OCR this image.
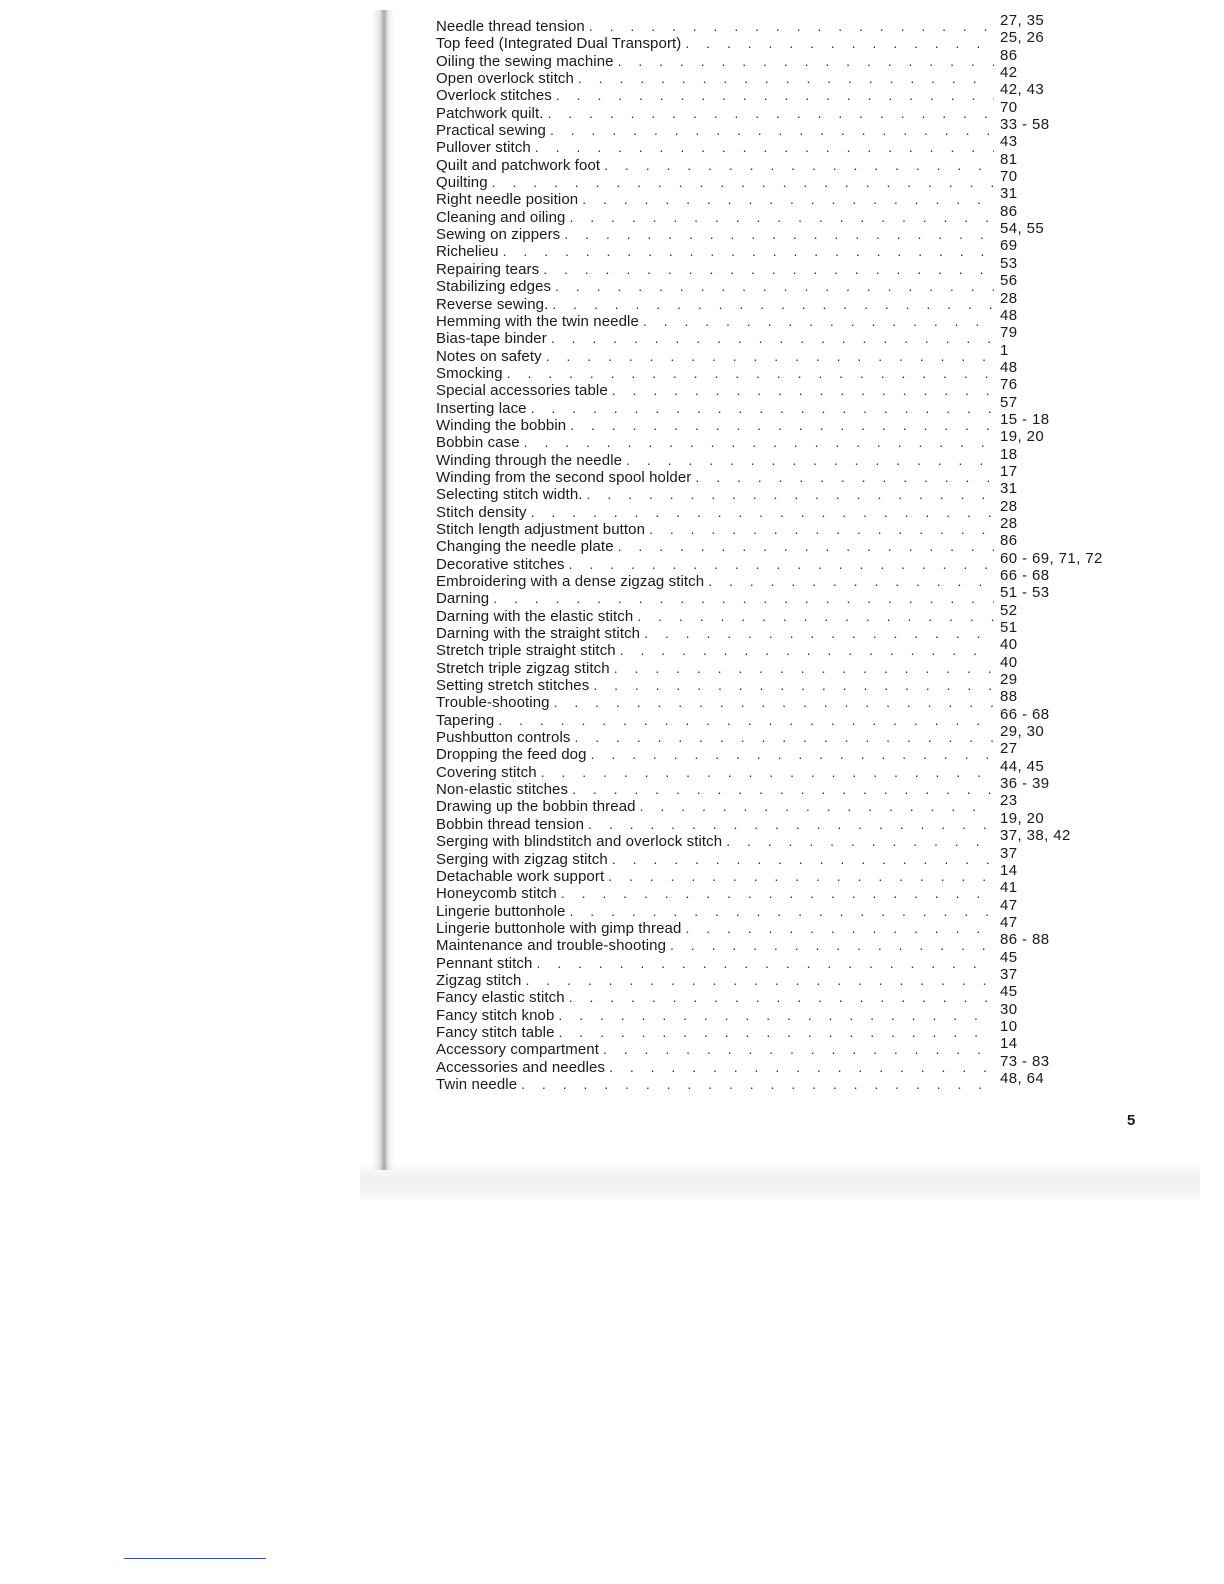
Needle thread tension . . .	27, 35
Top feed (Integrated Dual Transport) . . .	25, 26
Oiling the sewing machine . . .	86
Open overlock stitch . . .	42
Overlock stitches . . .	42, 43
Patchwork quilt. . . .	70
Practical sewing . . .	33 - 58
Pullover stitch . . .	43
Quilt and patchwork foot . . .	81
Quilting . . .	70
Right needle position . . .	31
Cleaning and oiling . . .	86
Sewing on zippers . . .	54, 55
Richelieu . . .	69
Repairing tears . . .	53
Stabilizing edges . . .	56
Reverse sewing. . . .	28
Hemming with the twin needle . . .	48
Bias-tape binder . . .	79
Notes on safety . . .	1
Smocking . . .	48
Special accessories table . . .	76
Inserting lace . . .	57
Winding the bobbin . . .	15 - 18
Bobbin case . . .	19, 20
Winding through the needle . . .	18
Winding from the second spool holder . . .	17
Selecting stitch width. . . .	31
Stitch density . . .	28
Stitch length adjustment button . . .	28
Changing the needle plate . . .	86
Decorative stitches . . .	60 - 69, 71, 72
Embroidering with a dense zigzag stitch . . .	66 - 68
Darning . . .	51 - 53
Darning with the elastic stitch . . .	52
Darning with the straight stitch . . .	51
Stretch triple straight stitch . . .	40
Stretch triple zigzag stitch . . .	40
Setting stretch stitches . . .	29
Trouble-shooting . . .	88
Tapering . . .	66 - 68
Pushbutton controls . . .	29, 30
Dropping the feed dog . . .	27
Covering stitch . . .	44, 45
Non-elastic stitches . . .	36 - 39
Drawing up the bobbin thread . . .	23
Bobbin thread tension . . .	19, 20
Serging with blindstitch and overlock stitch . . .	37, 38, 42
Serging with zigzag stitch . . .	37
Detachable work support . . .	14
Honeycomb stitch . . .	41
Lingerie buttonhole . . .	47
Lingerie buttonhole with gimp thread . . .	47
Maintenance and trouble-shooting . . .	86 - 88
Pennant stitch . . .	45
Zigzag stitch . . .	37
Fancy elastic stitch . . .	45
Fancy stitch knob . . .	30
Fancy stitch table . . .	10
Accessory compartment . . .	14
Accessories and needles . . .	73 - 83
Twin needle . . .	48, 64
5
